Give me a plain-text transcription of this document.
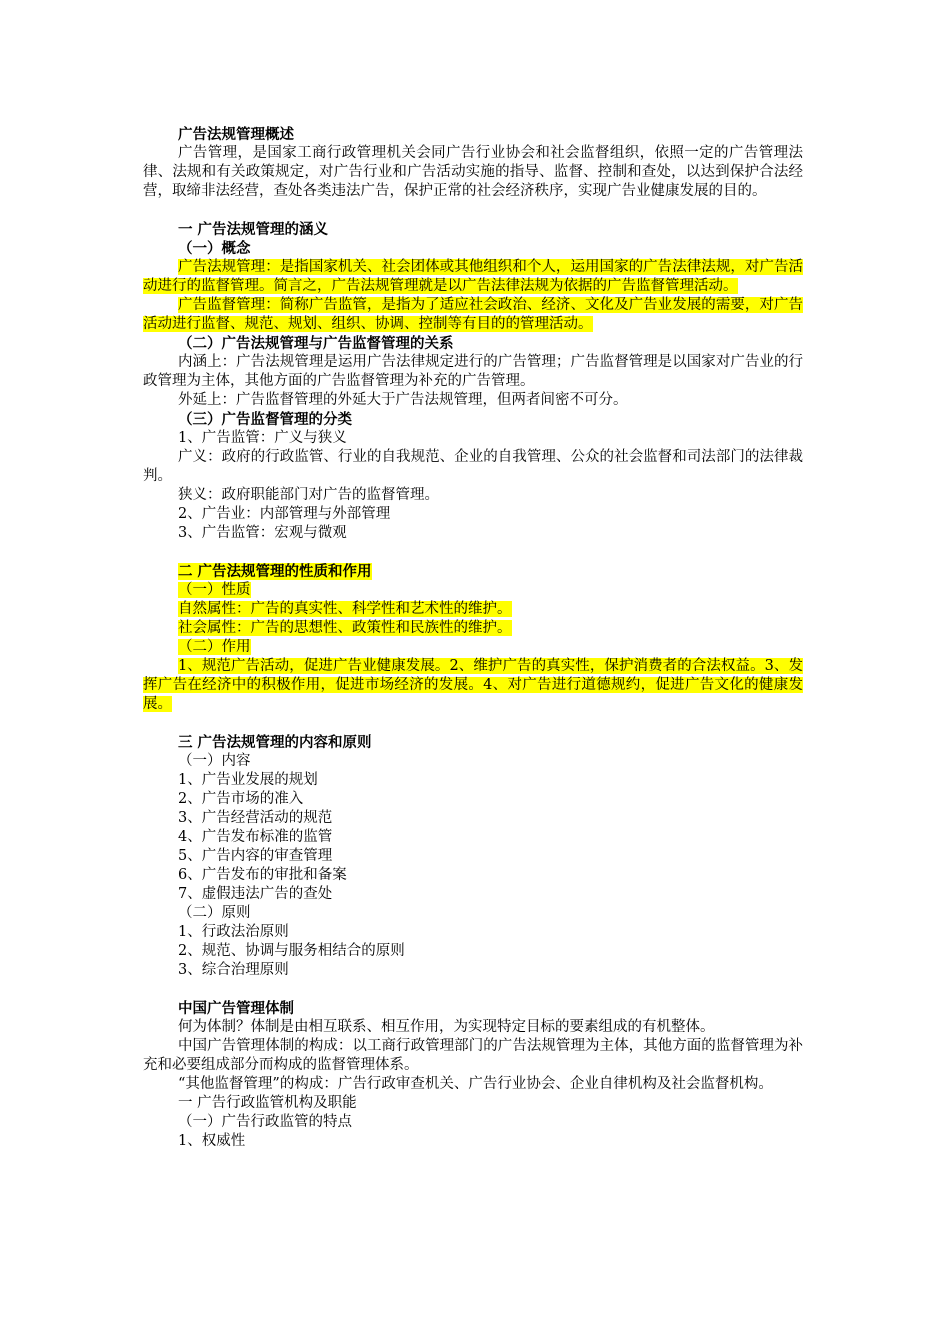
广告法规管理概述

广告管理，是国家工商行政管理机关会同广告行业协会和社会监督组织，依照一定的广告管理法律、法规和有关政策规定，对广告行业和广告活动实施的指导、监督、控制和查处，以达到保护合法经营，取缔非法经营，查处各类违法广告，保护正常的社会经济秩序，实现广告业健康发展的目的。

一 广告法规管理的涵义

（一）概念

广告法规管理：是指国家机关、社会团体或其他组织和个人，运用国家的广告法律法规，对广告活动进行的监督管理。简言之，广告法规管理就是以广告法律法规为依据的广告监督管理活动。

广告监督管理：简称广告监管，是指为了适应社会政治、经济、文化及广告业发展的需要，对广告活动进行监督、规范、规划、组织、协调、控制等有目的的管理活动。

（二）广告法规管理与广告监督管理的关系

内涵上：广告法规管理是运用广告法律规定进行的广告管理；广告监督管理是以国家对广告业的行政管理为主体，其他方面的广告监督管理为补充的广告管理。

外延上：广告监督管理的外延大于广告法规管理，但两者间密不可分。

（三）广告监督管理的分类

1、广告监管：广义与狭义

广义：政府的行政监管、行业的自我规范、企业的自我管理、公众的社会监督和司法部门的法律裁判。

狭义：政府职能部门对广告的监督管理。

2、广告业：内部管理与外部管理

3、广告监管：宏观与微观

二 广告法规管理的性质和作用

（一）性质

自然属性：广告的真实性、科学性和艺术性的维护。

社会属性：广告的思想性、政策性和民族性的维护。

（二）作用

1、规范广告活动，促进广告业健康发展。2、维护广告的真实性，保护消费者的合法权益。3、发挥广告在经济中的积极作用，促进市场经济的发展。4、对广告进行道德规约，促进广告文化的健康发展。

三 广告法规管理的内容和原则

（一）内容

1、广告业发展的规划

2、广告市场的准入

3、广告经营活动的规范

4、广告发布标准的监管

5、广告内容的审查管理

6、广告发布的审批和备案

7、虚假违法广告的查处

（二）原则

1、行政法治原则

2、规范、协调与服务相结合的原则

3、综合治理原则

中国广告管理体制

何为体制？体制是由相互联系、相互作用，为实现特定目标的要素组成的有机整体。

中国广告管理体制的构成：以工商行政管理部门的广告法规管理为主体，其他方面的监督管理为补充和必要组成部分而构成的监督管理体系。

“其他监督管理”的构成：广告行政审查机关、广告行业协会、企业自律机构及社会监督机构。

一 广告行政监管机构及职能

（一）广告行政监管的特点

1、权威性
